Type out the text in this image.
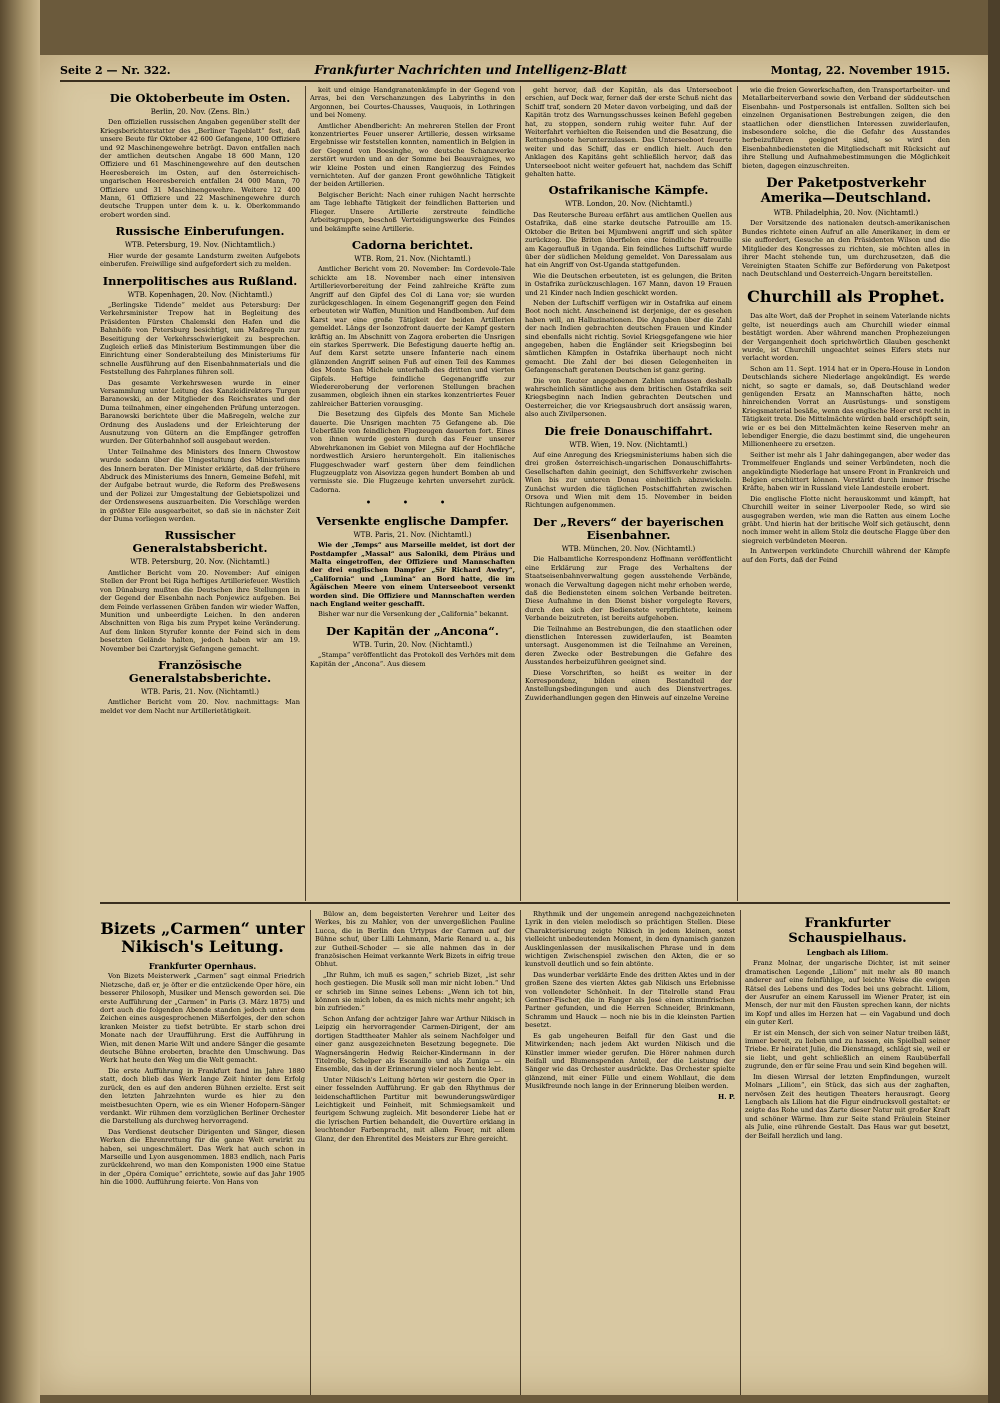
Seite 2 — Nr. 322.	Frankfurter Nachrichten und Intelligenz-Blatt	Montag, 22. November 1915.
Die Oktoberbeute im Osten.
Berlin, 20. Nov. (Zens. Bln.)

Den offiziellen russischen Angaben gegenüber stellt der Kriegsberichterstatter des „Berliner Tageblatt“ fest, daß unsere Beute für Oktober 42 600 Gefangene, 100 Offiziere und 92 Maschinengewehre beträgt. Davon entfallen nach der amtlichen deutschen Angabe 18 600 Mann, 120 Offiziere und 61 Maschinengewehre auf den deutschen Heeresbereich im Osten, auf den österreichisch-ungarischen Heeresbereich entfallen 24 000 Mann, 70 Offiziere und 31 Maschinengewehre. Weitere 12 400 Mann, 61 Offiziere und 22 Maschinengewehre durch deutsche Truppen unter dem k. u. k. Oberkommando erobert worden sind.

Russische Einberufungen.
WTB. Petersburg, 19. Nov. (Nichtamtlich.)

Hier wurde der gesamte Landsturm zweiten Aufgebots einberufen. Freiwillige sind aufgefordert sich zu melden.

Innerpolitisches aus Rußland.
WTB. Kopenhagen, 20. Nov. (Nichtamtl.)

„Berlingske Tidende“ meldet aus Petersburg: Der Verkehrsminister Trepow hat in Begleitung des Präsidenten Fürsten Chalemski den Hafen und die Bahnhöfe von Petersburg besichtigt, um Maßregeln zur Beseitigung der Verkehrsschwierigkeit zu besprechen. Zugleich erließ das Ministerium Bestimmungen über die Einrichtung einer Sonderabteilung des Ministeriums für schnelle Ausführung auf den Eisenbahnmaterials und die Feststellung des Fahrplanes führen soll.

Das gesamte Verkehrswesen wurde in einer Versammlung unter Leitung des Kanzleidirektors Turgen Baranowski, an der Mitglieder des Reichsrates und der Duma teilnahmen, einer eingehenden Prüfung unterzogen. Baranowski berichtete über die Maßregeln, welche zur Ordnung des Ausladens und der Erleichterung der Ausnutzung von Gütern an die Empfänger getroffen wurden. Der Güterbahnhof soll ausgebaut werden.

Unter Teilnahme des Ministers des Innern Chwostow wurde sodann über die Umgestaltung des Ministeriums des Innern beraten. Der Minister erklärte, daß der frühere Abdruck des Ministeriums des Innern, Gemeine Befehl, mit der Aufgabe betraut wurde, die Reform des Preßwesens und der Polizei zur Umgestaltung der Gebietspolizei und der Ordenswesens auszuarbeiten. Die Vorschläge werden in größter Eile ausgearbeitet, so daß sie in nächster Zeit der Duma vorliegen werden.

Russischer Generalstabsbericht.
WTB. Petersburg, 20. Nov. (Nichtamtl.)

Amtlicher Bericht vom 20. November: Auf einigen Stellen der Front bei Riga heftiges Artilleriefeuer. Westlich von Dünaburg mußten die Deutschen ihre Stellungen in der Gegend der Eisenbahn nach Ponjewicz aufgeben. Bei dem Feinde verlassenen Gräben fanden wir wieder Waffen, Munition und unbeerdigte Leichen. In den anderen Abschnitten von Riga bis zum Prypet keine Veränderung. Auf dem linken Styrufer konnte der Feind sich in dem besetzten Gelände halten, jedoch haben wir am 19. November bei Czartoryjsk Gefangene gemacht.

Französische Generalstabsberichte.
WTB. Paris, 21. Nov. (Nichtamtl.)

Amtlicher Bericht vom 20. Nov. nachmittags: Man meldet vor dem Nacht nur Artillerietätigkeit.

keit und einige Handgranatenkämpfe in der Gegend von Arras, bei den Verschanzungen des Labyrinths in den Argonnen, bei Courtes-Chausses, Vauquois, in Lothringen und bei Nomeny.

Amtlicher Abendbericht: An mehreren Stellen der Front konzentriertes Feuer unserer Artillerie, dessen wirksame Ergebnisse wir feststellen konnten, namentlich in Belgien in der Gegend von Boesinghe, wo deutsche Schanzwerke zerstört wurden und an der Somme bei Beauvraignes, wo wir kleine Posten und einen Rangierzug des Feindes vernichteten. Auf der ganzen Front gewöhnliche Tätigkeit der beiden Artillerien.

Belgischer Bericht: Nach einer ruhigen Nacht herrschte am Tage lebhafte Tätigkeit der feindlichen Batterien und Flieger. Unsere Artillerie zerstreute feindliche Arbeitsgruppen, beschoß Verteidigungswerke des Feindes und bekämpfte seine Artillerie.

Cadorna berichtet.
WTB. Rom, 21. Nov. (Nichtamtl.)

Amtlicher Bericht vom 20. November: Im Cordevole-Tale schickte am 18. November nach einer intensiven Artillerievorbereitung der Feind zahlreiche Kräfte zum Angriff auf den Gipfel des Col di Lana vor; sie wurden zurückgeschlagen. In einem Gegenangriff gegen den Feind erbeuteten wir Waffen, Munition und Handbomben. Auf dem Karst war eine große Tätigkeit der beiden Artillerien gemeldet. Längs der Isonzofront dauerte der Kampf gestern kräftig an. Im Abschnitt von Zagora eroberten die Unsrigen ein starkes Sperrwerk. Die Befestigung dauerte heftig an. Auf dem Karst setzte unsere Infanterie nach einem glänzenden Angriff seinen Fuß auf einen Teil des Kammes des Monte San Michele unterhalb des dritten und vierten Gipfels. Heftige feindliche Gegenangriffe zur Wiedereroberung der verlorenen Stellungen brachen zusammen, obgleich ihnen ein starkes konzentriertes Feuer zahlreicher Batterien vorausging.

Die Besetzung des Gipfels des Monte San Michele dauerte. Die Unsrigen machten 75 Gefangene ab. Die Ueberfälle von feindlichen Flugzeugen dauerten fort. Eines von ihnen wurde gestern durch das Feuer unserer Abwehrkanonen im Gebiet von Milegna auf der Hochfläche nordwestlich Arsiero heruntergeholt. Ein italienisches Fluggeschwader warf gestern über dem feindlichen Flugzeugplatz von Aisovizza gegen hundert Bomben ab und vermisste sie. Die Flugzeuge kehrten unversehrt zurück. Cadorna.

• • •
Versenkte englische Dampfer.
WTB. Paris, 21. Nov. (Nichtamtl.)

Wie der „Temps“ aus Marseille meldet, ist dort der Postdampfer „Massal“ aus Saloniki, dem Piräus und Malta eingetroffen, der Offiziere und Mannschaften der drei englischen Dampfer „Sir Richard Awdry“, „California“ und „Lumina“ an Bord hatte, die im Ägäischen Meere von einem Unterseeboot versenkt worden sind. Die Offiziere und Mannschaften werden nach England weiter geschafft.

Bisher war nur die Versenkung der „California“ bekannt.

Der Kapitän der „Ancona“.
WTB. Turin, 20. Nov. (Nichtamtl.)

„Stampa“ veröffentlicht das Protokoll des Verhörs mit dem Kapitän der „Ancona“. Aus diesem

geht hervor, daß der Kapitän, als das Unterseeboot erschien, auf Deck war, ferner daß der erste Schuß nicht das Schiff traf, sondern 20 Meter davon vorbeiging, und daß der Kapitän trotz des Warnungsschusses keinen Befehl gegeben hat, zu stoppen, sondern ruhig weiter fuhr. Auf der Weiterfahrt verhielten die Reisenden und die Besatzung, die Rettungsboote herunterzulassen. Das Unterseeboot feuerte weiter und das Schiff, das er endlich hielt. Auch den Anklagen des Kapitäns geht schließlich hervor, daß das Unterseeboot nicht weiter gefeuert hat, nachdem das Schiff gehalten hatte.

Ostafrikanische Kämpfe.
WTB. London, 20. Nov. (Nichtamtl.)

Das Reutersche Bureau erfährt aus amtlichen Quellen aus Ostafrika, daß eine starke deutsche Patrouille am 15. Oktober die Briten bei Mjumbweni angriff und sich später zurückzog. Die Briten überfielen eine feindliche Patrouille am Kageraufluß in Uganda. Ein feindliches Luftschiff wurde über der südlichen Meldung gemeldet. Von Daressalam aus hat ein Angriff von Ost-Uganda stattgefunden.

Wie die Deutschen erbeuteten, ist es gelungen, die Briten in Ostafrika zurückzuschlagen. 167 Mann, davon 19 Frauen und 21 Kinder nach Indien geschickt worden.

Neben der Luftschiff verfügen wir in Ostafrika auf einem Boot noch nicht. Anscheinend ist derjenige, der es gesehen haben will, an Halluzinationen. Die Angaben über die Zahl der nach Indien gebrachten deutschen Frauen und Kinder sind ebenfalls nicht richtig. Soviel Kriegsgefangene wie hier angegeben, haben die Engländer seit Kriegsbeginn bei sämtlichen Kämpfen in Ostafrika überhaupt noch nicht gemacht. Die Zahl der bei diesen Gelegenheiten in Gefangenschaft geratenen Deutschen ist ganz gering.

Die von Reuter angegebenen Zahlen umfassen deshalb wahrscheinlich sämtliche aus dem britischen Ostafrika seit Kriegsbeginn nach Indien gebrachten Deutschen und Oesterreicher, die vor Kriegsausbruch dort ansässig waren, also auch Zivilpersonen.

Die freie Donauschiffahrt.
WTB. Wien, 19. Nov. (Nichtamtl.)

Auf eine Anregung des Kriegsministeriums haben sich die drei großen österreichisch-ungarischen Donauschiffahrts-Gesellschaften dahin geeinigt, den Schiffsverkehr zwischen Wien bis zur unteren Donau einheitlich abzuwickeln. Zunächst wurden die täglichen Postschiffahrten zwischen Orsova und Wien mit dem 15. November in beiden Richtungen aufgenommen.

Der „Revers“ der bayerischen Eisenbahner.
WTB. München, 20. Nov. (Nichtamtl.)

Die Halbamtliche Korrespondenz Hoffmann veröffentlicht eine Erklärung zur Frage des Verhaltens der Staatseisenbahnverwaltung gegen ausstehende Verbände, wonach die Verwaltung dagegen nicht mehr erhoben werde, daß die Bediensteten einem solchen Verbande beitreten. Diese Aufnahme in den Dienst bisher vorgelegte Revers, durch den sich der Bedienstete verpflichtete, keinem Verbande beizutreten, ist bereits aufgehoben.

Die Teilnahme an Bestrebungen, die den staatlichen oder dienstlichen Interessen zuwiderlaufen, ist Beamten untersagt. Ausgenommen ist die Teilnahme an Vereinen, deren Zwecke oder Bestrebungen die Gefahre des Ausstandes herbeizuführen geeignet sind.

Diese Vorschriften, so heißt es weiter in der Korrespondenz, bilden einen Bestandteil der Anstellungsbedingungen und auch des Dienstvertrages. Zuwiderhandlungen gegen den Hinweis auf einzelne Vereine

wie die freien Gewerkschaften, den Transportarbeiter- und Metallarbeiterverband sowie den Verband der süddeutschen Eisenbahn- und Postpersonals ist entfallen. Sollten sich bei einzelnen Organisationen Bestrebungen zeigen, die den staatlichen oder dienstlichen Interessen zuwiderlaufen, insbesondere solche, die die Gefahr des Ausstandes herbeizuführen geeignet sind, so wird den Eisenbahnbediensteten die Mitgliedschaft mit Rücksicht auf ihre Stellung und Aufnahmebestimmungen die Möglichkeit bieten, dagegen einzuschreiten.

Der Paketpostverkehr Amerika—Deutschland.
WTB. Philadelphia, 20. Nov. (Nichtamtl.)

Der Vorsitzende des nationalen deutsch-amerikanischen Bundes richtete einen Aufruf an alle Amerikaner, in dem er sie auffordert, Gesuche an den Präsidenten Wilson und die Mitglieder des Kongresses zu richten, sie möchten alles in ihrer Macht stehende tun, um durchzusetzen, daß die Vereinigten Staaten Schiffe zur Beförderung von Paketpost nach Deutschland und Oesterreich-Ungarn bereitstellen.

Churchill als Prophet.

Das alte Wort, daß der Prophet in seinem Vaterlande nichts gelte, ist neuerdings auch am Churchill wieder einmal bestätigt worden. Aber während manchen Prophezeiungen der Vergangenheit doch sprichwörtlich Glauben geschenkt wurde, ist Churchill ungeachtet seines Eifers stets nur verlacht worden.

Schon am 11. Sept. 1914 hat er in Opera-House in London Deutschlands sichere Niederlage angekündigt. Es werde nicht, so sagte er damals, so, daß Deutschland weder genügenden Ersatz an Mannschaften hätte, noch hinreichenden Vorrat an Ausrüstungs- und sonstigem Kriegsmaterial besäße, wenn das englische Heer erst recht in Tätigkeit trete. Die Mittelmächte würden bald erschöpft sein, wie er es bei den Mittelmächten keine Reserven mehr an lebendiger Energie, die dazu bestimmt sind, die ungeheuren Millionenheere zu ersetzen.

Seither ist mehr als 1 Jahr dahingegangen, aber weder das Trommelfeuer Englands und seiner Verbündeten, noch die angekündigte Niederlage hat unsere Front in Frankreich und Belgien erschüttert können. Verstärkt durch immer frische Kräfte, haben wir in Russland viele Landesteile erobert.

Die englische Flotte nicht herauskommt und kämpft, hat Churchill weiter in seiner Liverpooler Rede, so wird sie ausgegraben werden, wie man die Ratten aus einem Loche gräbt. Und hierin hat der britische Wolf sich getäuscht, denn noch immer weht in allem Stolz die deutsche Flagge über den siegreich verbündeten Meeren.

In Antwerpen verkündete Churchill während der Kämpfe auf den Forts, daß der Feind

Bizets „Carmen“ unter Nikisch's Leitung.
Frankfurter Opernhaus.

Von Bizets Meisterwerk „Carmen“ sagt einmal Friedrich Nietzsche, daß er, je öfter er die entzückende Oper höre, ein besserer Philosoph, Musiker und Mensch geworden sei. Die erste Aufführung der „Carmen“ in Paris (3. März 1875) und dort auch die folgenden Abende standen jedoch unter dem Zeichen eines ausgesprochenen Mißerfolges, der den schon kranken Meister zu tiefst betrübte. Er starb schon drei Monate nach der Uraufführung. Erst die Aufführung in Wien, mit denen Marie Wilt und andere Sänger die gesamte deutsche Bühne eroberten, brachte den Umschwung. Das Werk hat heute den Weg um die Welt gemacht.

Die erste Aufführung in Frankfurt fand im Jahre 1880 statt, doch blieb das Werk lange Zeit hinter dem Erfolg zurück, den es auf den anderen Bühnen erzielte. Erst seit den letzten Jahrzehnten wurde es hier zu den meistbesuchten Opern, wie es ein Wiener Hofopern-Sänger verdankt. Wir rühmen dem vorzüglichen Berliner Orchester die Darstellung als durchweg hervorragend.

Das Verdienst deutscher Dirigenten und Sänger, diesen Werken die Ehrenrettung für die ganze Welt erwirkt zu haben, sei ungeschmälert. Das Werk hat auch schon in Marseille und Lyon ausgenommen. 1883 endlich, nach Paris zurückkehrend, wo man den Komponisten 1900 eine Statue in der „Opéra Comique“ errichtete, sowie auf das Jahr 1905 hin die 1000. Aufführung feierte. Von Hans von

Bülow an, dem begeisterten Verehrer und Leiter des Werkes, bis zu Mahler, von der unvergeßlichen Pauline Lucca, die in Berlin den Urtypus der Carmen auf der Bühne schuf, über Lilli Lehmann, Marie Renard u. a., bis zur Gutheil-Schoder — sie alle nahmen das in der französischen Heimat verkannte Werk Bizets in eifrig treue Obhut.

„Ihr Ruhm, ich muß es sagen,“ schrieb Bizet, „ist sehr hoch gestiegen. Die Musik soll man mir nicht loben.“ Und er schrieb im Sinne seines Lebens: „Wenn ich tot bin, können sie mich loben, da es mich nichts mehr angeht; ich bin zufrieden.“

Schon Anfang der achtziger Jahre war Arthur Nikisch in Leipzig ein hervorragender Carmen-Dirigent, der am dortigen Stadttheater Mahler als seinem Nachfolger und einer ganz ausgezeichneten Besetzung begegnete. Die Wagnersängerin Hedwig Reicher-Kindermann in der Titelrolle, Schelper als Escamillo und als Zuniga — ein Ensemble, das in der Erinnerung vieler noch heute lebt.

Unter Nikisch's Leitung hörten wir gestern die Oper in einer fesselnden Aufführung. Er gab den Rhythmus der leidenschaftlichen Partitur mit bewunderungswürdiger Leichtigkeit und Feinheit, mit Schmiegsamkeit und feurigem Schwung zugleich. Mit besonderer Liebe hat er die lyrischen Partien behandelt, die Ouvertüre erklang in leuchtender Farbenpracht, mit allem Feuer, mit allem Glanz, der den Ehrentitel des Meisters zur Ehre gereicht.

Rhythmik und der ungemein anregend nachgezeichneten Lyrik in den vielen melodisch so prächtigen Stellen. Diese Charakterisierung zeigte Nikisch in jedem kleinen, sonst vielleicht unbedeutenden Moment, in dem dynamisch ganzen Ausklingenlassen der musikalischen Phrase und in dem wichtigen Zwischenspiel zwischen den Akten, die er so kunstvoll deutlich und so fein abtönte.

Das wunderbar verklärte Ende des dritten Aktes und in der großen Szene des vierten Aktes gab Nikisch uns Erlebnisse von vollendeter Schönheit. In der Titelrolle stand Frau Gentner-Fischer, die in Fanger als José einen stimmfrischen Partner gefunden, und die Herren Schneider, Brinkmann, Schramm und Hauck — noch nie bis in die kleinsten Partien besetzt.

Es gab ungeheuren Beifall für den Gast und die Mitwirkenden; nach jedem Akt wurden Nikisch und die Künstler immer wieder gerufen. Die Hörer nahmen durch Beifall und Blumenspenden Anteil, der die Leistung der Sänger wie das Orchester ausdrückte. Das Orchester spielte glänzend, mit einer Fülle und einem Wohllaut, die dem Musikfreunde noch lange in der Erinnerung bleiben werden.

H. P.
Frankfurter Schauspielhaus.
Lengbach als Liliom.

Franz Molnar, der ungarische Dichter, ist mit seiner dramatischen Legende „Liliom“ mit mehr als 80 manch anderer auf eine feinfühlige, auf leichte Weise die ewigen Rätsel des Lebens und des Todes bei uns gebracht. Liliom, der Ausrufer an einem Karussell im Wiener Prater, ist ein Mensch, der nur mit den Fäusten sprechen kann, der nichts im Kopf und alles im Herzen hat — ein Vagabund und doch ein guter Kerl.

Er ist ein Mensch, der sich von seiner Natur treiben läßt, immer bereit, zu lieben und zu hassen, ein Spielball seiner Triebe. Er heiratet Julie, die Dienstmagd, schlägt sie, weil er sie liebt, und geht schließlich an einem Raubüberfall zugrunde, den er für seine Frau und sein Kind begehen will.

Im diesen Wirrsal der letzten Empfindungen, wurzelt Molnars „Liliom“, ein Stück, das sich aus der zaghaften, nervösen Zeit des heutigen Theaters herausragt. Georg Lengbach als Liliom hat die Figur eindrucksvoll gestaltet: er zeigte das Rohe und das Zarte dieser Natur mit großer Kraft und schöner Wärme. Ihm zur Seite stand Fräulein Steiner als Julie, eine rührende Gestalt. Das Haus war gut besetzt, der Beifall herzlich und lang.
